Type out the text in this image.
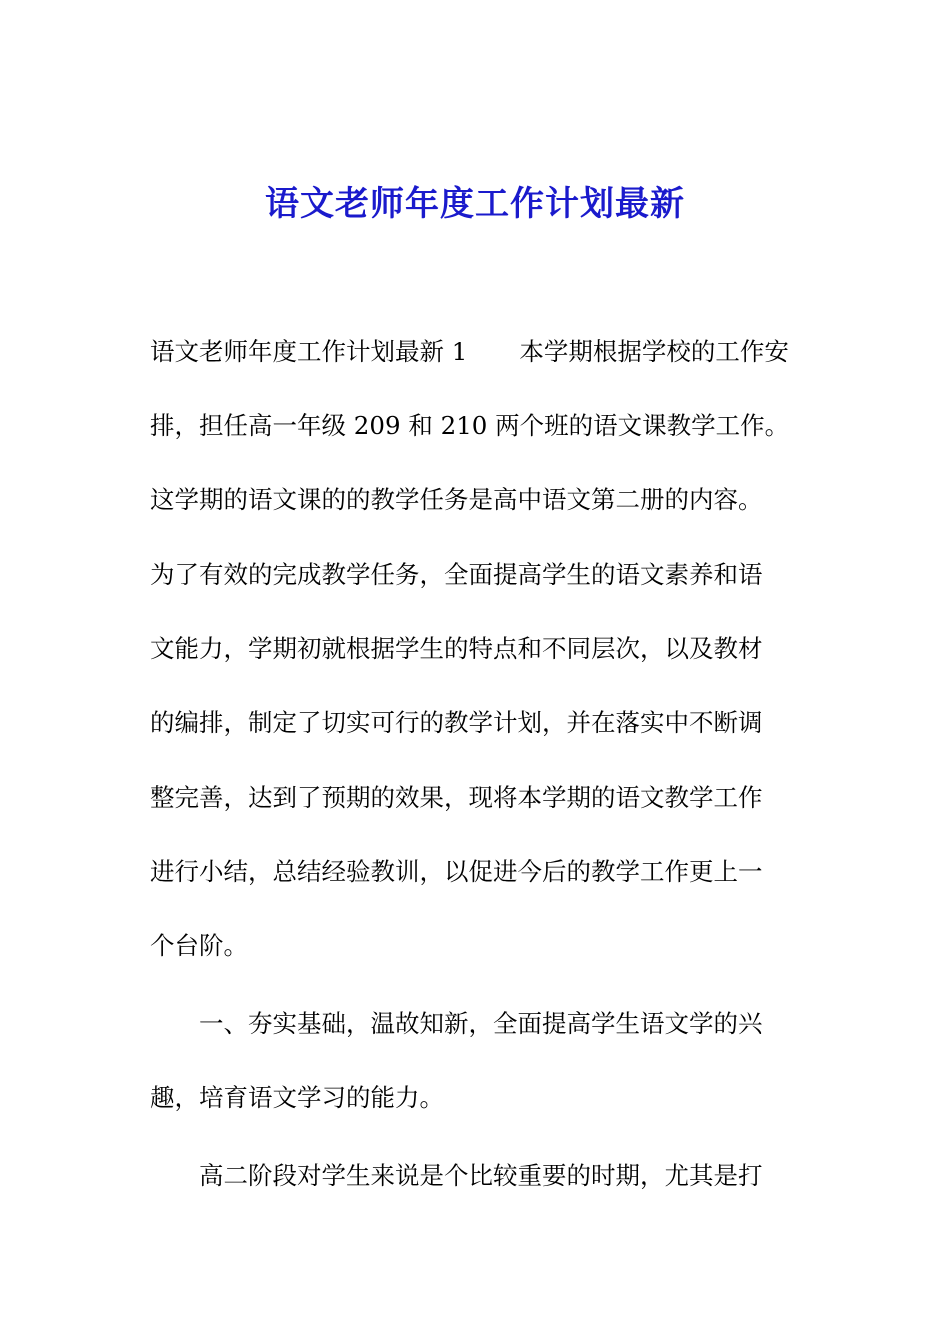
语文老师年度工作计划最新
语文老师年度工作计划最新 1 本学期根据学校的工作安
排，担任高一年级 209 和 210 两个班的语文课教学工作。
这学期的语文课的的教学任务是高中语文第二册的内容。
为了有效的完成教学任务，全面提高学生的语文素养和语
文能力，学期初就根据学生的特点和不同层次，以及教材
的编排，制定了切实可行的教学计划，并在落实中不断调
整完善，达到了预期的效果，现将本学期的语文教学工作
进行小结，总结经验教训，以促进今后的教学工作更上一
个台阶。
　　一、夯实基础，温故知新，全面提高学生语文学的兴
趣，培育语文学习的能力。
　　高二阶段对学生来说是个比较重要的时期，尤其是打
